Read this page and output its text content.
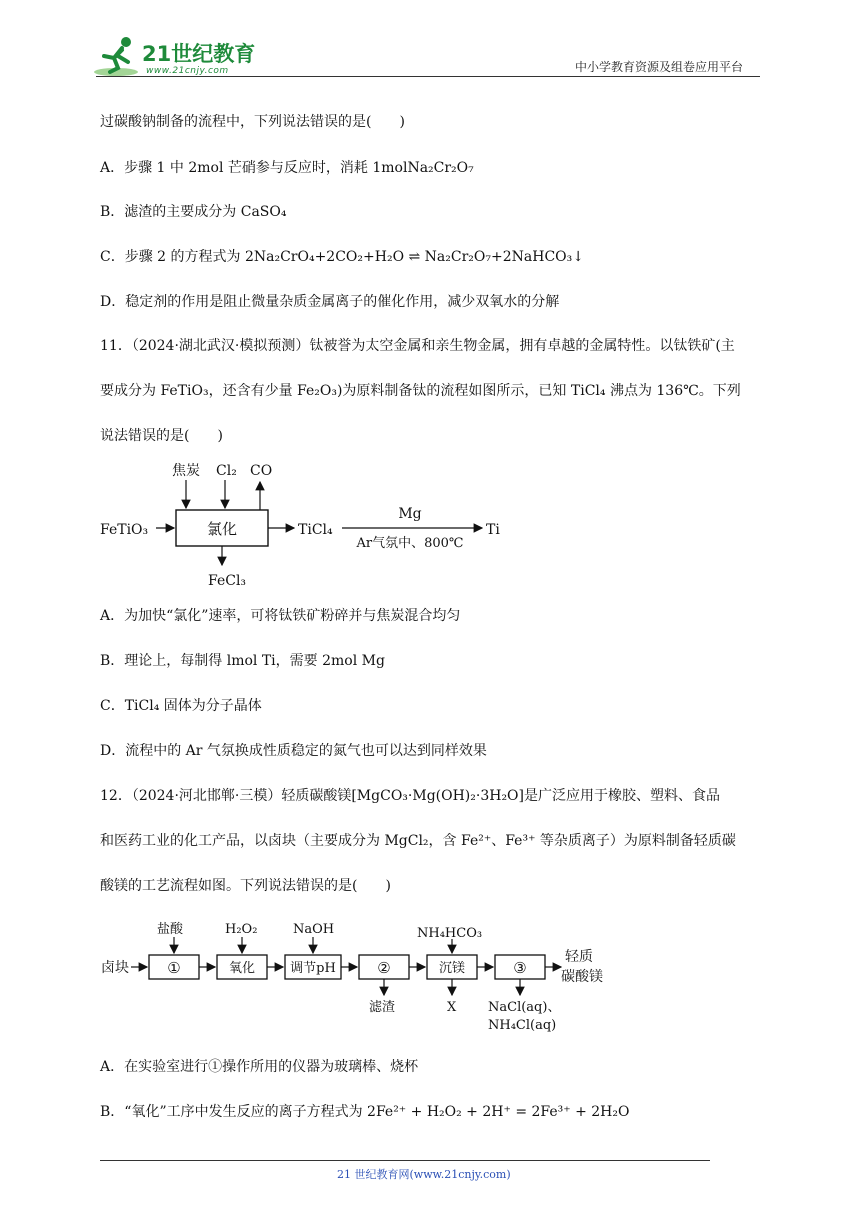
21世纪教育
www.21cnjy.com	中小学教育资源及组卷应用平台
过碳酸钠制备的流程中，下列说法错误的是(　　)
A．步骤 1 中 2mol 芒硝参与反应时，消耗 1molNa₂Cr₂O₇
B．滤渣的主要成分为 CaSO₄
C．步骤 2 的方程式为 2Na₂CrO₄+2CO₂+H₂O ⇌ Na₂Cr₂O₇+2NaHCO₃↓
D．稳定剂的作用是阻止微量杂质金属离子的催化作用，减少双氧水的分解
11．（2024·湖北武汉·模拟预测）钛被誉为太空金属和亲生物金属，拥有卓越的金属特性。以钛铁矿(主
要成分为 FeTiO₃，还含有少量 Fe₂O₃)为原料制备钛的流程如图所示，已知 TiCl₄ 沸点为 136℃。下列
说法错误的是(　　)
FeTiO₃	氯化
焦炭 Cl₂ CO
FeCl₃
TiCl₄
Mg
Ar气氛中、800℃
Ti
A．为加快“氯化”速率，可将钛铁矿粉碎并与焦炭混合均匀
B．理论上，每制得 lmol Ti，需要 2mol Mg
C．TiCl₄ 固体为分子晶体
D．流程中的 Ar 气氛换成性质稳定的氮气也可以达到同样效果
12．（2024·河北邯郸·三模）轻质碳酸镁[MgCO₃·Mg(OH)₂·3H₂O]是广泛应用于橡胶、塑料、食品
和医药工业的化工产品，以卤块（主要成分为 MgCl₂，含 Fe²⁺、Fe³⁺ 等杂质离子）为原料制备轻质碳
酸镁的工艺流程如图。下列说法错误的是(　　)
卤块	①
盐酸
氧化
H₂O₂
调节pH
NaOH
②
滤渣
沉镁
NH₄HCO₃
X
③
NaCl(aq)、
NH₄Cl(aq)
轻质
碳酸镁
A．在实验室进行①操作所用的仪器为玻璃棒、烧杯
B．“氧化”工序中发生反应的离子方程式为 2Fe²⁺ + H₂O₂ + 2H⁺ = 2Fe³⁺ + 2H₂O
21 世纪教育网(www.21cnjy.com)
